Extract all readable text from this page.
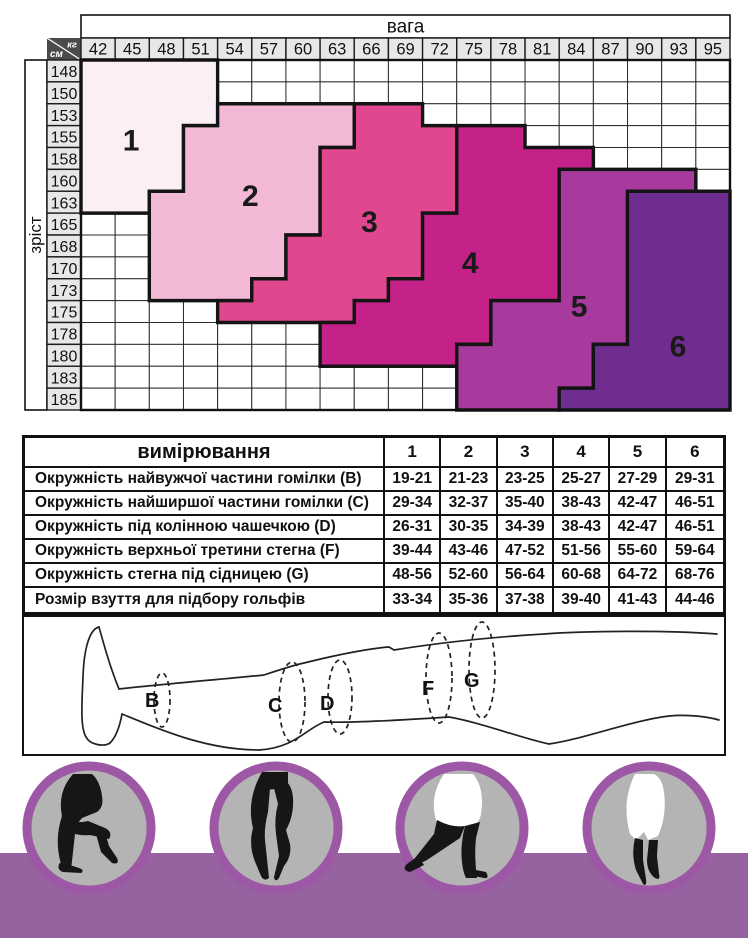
вага
зріст
кг
см 42 45 48 51 54 57 60 63 66 69 72 75 78 81 84 87 90 93 95
148
150
153
155
158
160
163
165
168
170
173
175
178
180
183
185
1
2
3
4
5
6
вимірювання	1	2	3	4	5	6
Окружність найвужчої частини гомілки (B)	19-21	21-23	23-25	25-27	27-29	29-31
Окружність найширшої частини гомілки (C)	29-34	32-37	35-40	38-43	42-47	46-51
Окружність під колінною чашечкою (D)	26-31	30-35	34-39	38-43	42-47	46-51
Окружність верхньої третини стегна (F)	39-44	43-46	47-52	51-56	55-60	59-64
Окружність стегна під сідницею (G)	48-56	52-60	56-64	60-68	64-72	68-76
Розмір взуття для підбору гольфів	33-34	35-36	37-38	39-40	41-43	44-46
B	C D
F G
